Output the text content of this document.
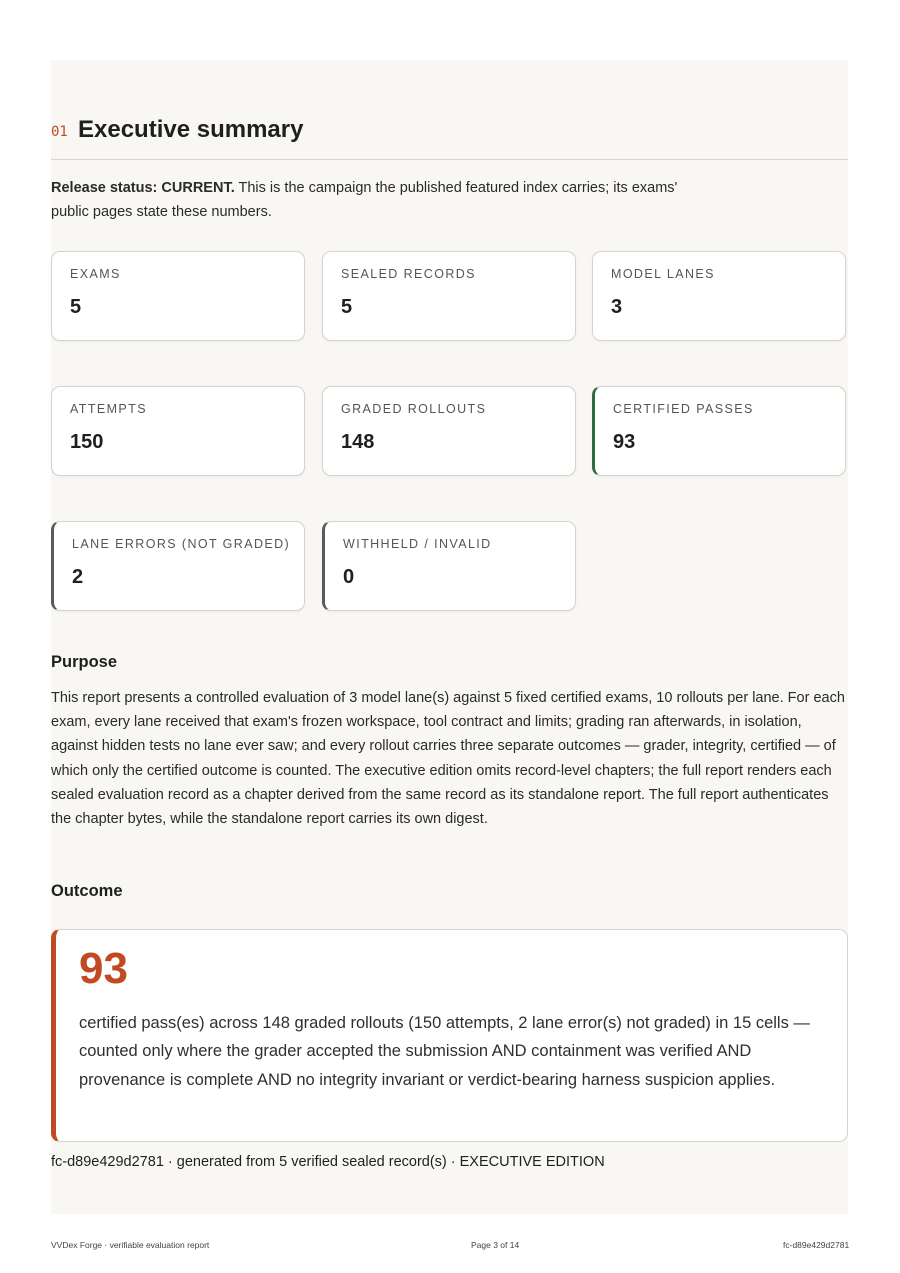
01 Executive summary
Release status: CURRENT. This is the campaign the published featured index carries; its exams' public pages state these numbers.
EXAMS
5
SEALED RECORDS
5
MODEL LANES
3
ATTEMPTS
150
GRADED ROLLOUTS
148
CERTIFIED PASSES
93
LANE ERRORS (NOT GRADED)
2
WITHHELD / INVALID
0
Purpose
This report presents a controlled evaluation of 3 model lane(s) against 5 fixed certified exams, 10 rollouts per lane. For each exam, every lane received that exam's frozen workspace, tool contract and limits; grading ran afterwards, in isolation, against hidden tests no lane ever saw; and every rollout carries three separate outcomes — grader, integrity, certified — of which only the certified outcome is counted. The executive edition omits record-level chapters; the full report renders each sealed evaluation record as a chapter derived from the same record as its standalone report. The full report authenticates the chapter bytes, while the standalone report carries its own digest.
Outcome
93
certified pass(es) across 148 graded rollouts (150 attempts, 2 lane error(s) not graded) in 15 cells — counted only where the grader accepted the submission AND containment was verified AND provenance is complete AND no integrity invariant or verdict-bearing harness suspicion applies.
fc-d89e429d2781 · generated from 5 verified sealed record(s) · EXECUTIVE EDITION
VVDex Forge · verifiable evaluation report	Page 3 of 14	fc-d89e429d2781
